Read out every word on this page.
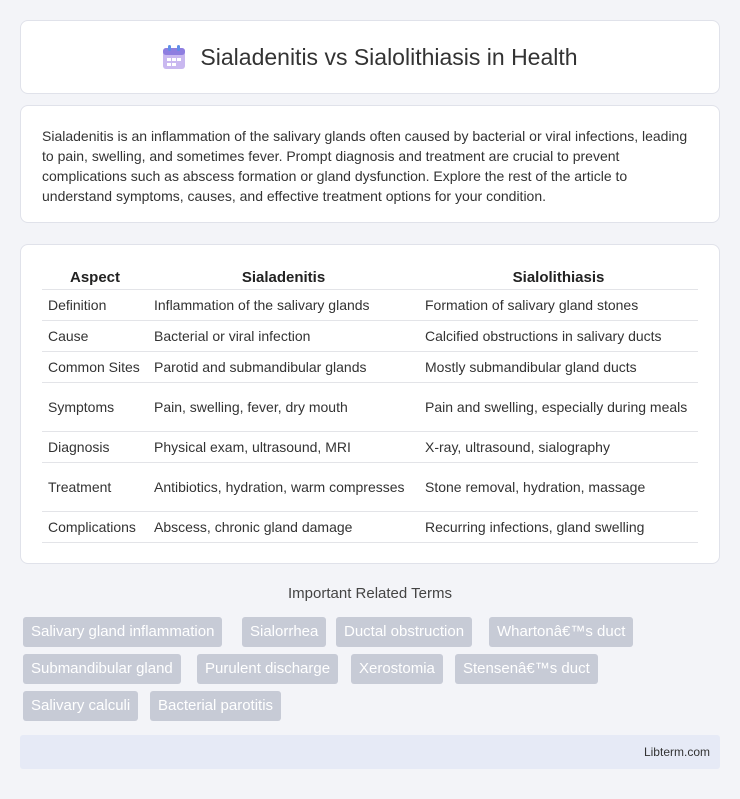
Sialadenitis vs Sialolithiasis in Health

Sialadenitis is an inflammation of the salivary glands often caused by bacterial or viral infections, leading to pain, swelling, and sometimes fever. Prompt diagnosis and treatment are crucial to prevent complications such as abscess formation or gland dysfunction. Explore the rest of the article to understand symptoms, causes, and effective treatment options for your condition.

Aspect	Sialadenitis	Sialolithiasis
Definition	Inflammation of the salivary glands	Formation of salivary gland stones
Cause	Bacterial or viral infection	Calcified obstructions in salivary ducts
Common Sites	Parotid and submandibular glands	Mostly submandibular gland ducts
Symptoms	Pain, swelling, fever, dry mouth	Pain and swelling, especially during meals
Diagnosis	Physical exam, ultrasound, MRI	X-ray, ultrasound, sialography
Treatment	Antibiotics, hydration, warm compresses	Stone removal, hydration, massage
Complications	Abscess, chronic gland damage	Recurring infections, gland swelling
Important Related Terms
Salivary gland inflammation	Sialorrhea	Ductal obstruction	Whartonâ€™s duct
Submandibular gland	Purulent discharge	Xerostomia	Stensenâ€™s duct
Salivary calculi	Bacterial parotitis
Libterm.com
